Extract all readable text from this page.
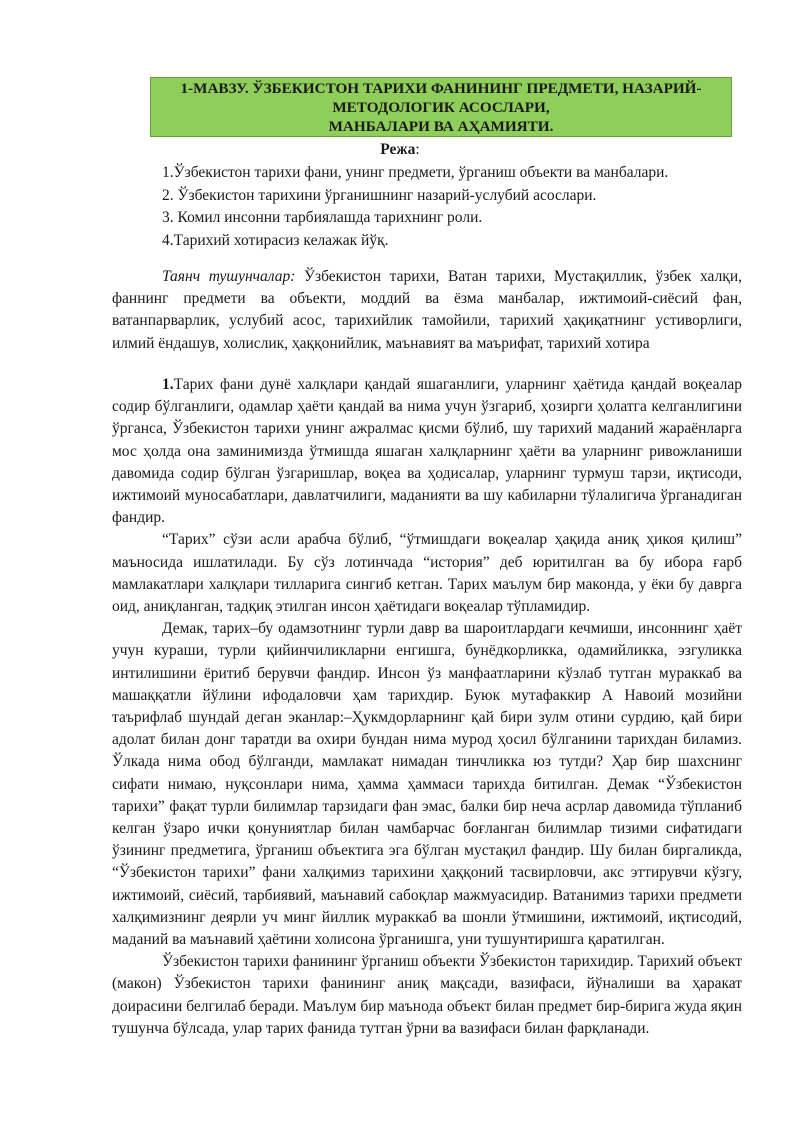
1-МАВЗУ. ЎЗБЕКИСТОН ТАРИХИ ФАНИНИНГ ПРЕДМЕТИ, НАЗАРИЙ-
МЕТОДОЛОГИК АСОСЛАРИ,
МАНБАЛАРИ ВА АҲАМИЯТИ.
Режа:
1.Ўзбекистон тарихи фани, унинг предмети, ўрганиш объекти ва манбалари.
2. Ўзбекистон тарихини ўрганишнинг назарий-услубий асослари.
3. Комил инсонни тарбиялашда тарихнинг роли.
4.Тарихий хотирасиз келажак йўқ.

Таянч тушунчалар: Ўзбекистон тарихи, Ватан тарихи, Мустақиллик, ўзбек халқи, фаннинг предмети ва объекти, моддий ва ёзма манбалар, ижтимоий-сиёсий фан, ватанпарварлик, услубий асос, тарихийлик тамойили, тарихий ҳақиқатнинг устиворлиги, илмий ёндашув, холислик, ҳаққонийлик, маънавият ва маърифат, тарихий хотира

1.Тарих фани дунё халқлари қандай яшаганлиги, уларнинг ҳаётида қандай воқеалар содир бўлганлиги, одамлар ҳаёти қандай ва нима учун ўзгариб, ҳозирги ҳолатга келганлигини ўрганса, Ўзбекистон тарихи унинг ажралмас қисми бўлиб, шу тарихий маданий жараёнларга мос ҳолда она заминимизда ўтмишда яшаган халқларнинг ҳаёти ва уларнинг ривожланиши давомида содир бўлган ўзгаришлар, воқеа ва ҳодисалар, уларнинг турмуш тарзи, иқтисоди, ижтимоий муносабатлари, давлатчилиги, маданияти ва шу кабиларни тўлалигича ўрганадиган фандир.

“Тарих” сўзи асли арабча бўлиб, “ўтмишдаги воқеалар ҳақида аниқ ҳикоя қилиш” маъносида ишлатилади. Бу сўз лотинчада “история” деб юритилган ва бу ибора ғарб мамлакатлари халқлари тилларига сингиб кетган. Тарих маълум бир маконда, у ёки бу даврга оид, аниқланган, тадқиқ этилган инсон ҳаётидаги воқеалар тўпламидир.

Демак, тарих–бу одамзотнинг турли давр ва шароитлардаги кечмиши, инсоннинг ҳаёт учун кураши, турли қийинчиликларни енгишга, бунёдкорликка, одамийликка, эзгуликка интилишини ёритиб берувчи фандир. Инсон ўз манфаатларини кўзлаб тутган мураккаб ва машаққатли йўлини ифодаловчи ҳам тарихдир. Буюк мутафаккир А Навоий мозийни таърифлаб шундай деган эканлар:–Ҳукмдорларнинг қай бири зулм отини сурдию, қай бири адолат билан донг таратди ва охири бундан нима мурод ҳосил бўлганини тарихдан биламиз. Ўлкада нима обод бўлганди, мамлакат нимадан тинчликка юз тутди? Ҳар бир шахснинг сифати нимаю, нуқсонлари нима, ҳамма ҳаммаси тарихда битилган. Демак “Ўзбекистон тарихи” фақат турли билимлар тарзидаги фан эмас, балки бир неча асрлар давомида тўпланиб келган ўзаро ички қонуниятлар билан чамбарчас боғланган билимлар тизими сифатидаги ўзининг предметига, ўрганиш объектига эга бўлган мустақил фандир. Шу билан биргаликда, “Ўзбекистон тарихи” фани халқимиз тарихини ҳаққоний тасвирловчи, акс эттирувчи кўзгу, ижтимоий, сиёсий, тарбиявий, маънавий сабоқлар мажмуасидир. Ватанимиз тарихи предмети халқимизнинг деярли уч минг йиллик мураккаб ва шонли ўтмишини, ижтимоий, иқтисодий, маданий ва маънавий ҳаётини холисона ўрганишга, уни тушунтиришга қаратилган.

Ўзбекистон тарихи фанининг ўрганиш объекти Ўзбекистон тарихидир. Тарихий объект (макон) Ўзбекистон тарихи фанининг аниқ мақсади, вазифаси, йўналиши ва ҳаракат доирасини белгилаб беради. Маълум бир маънода объект билан предмет бир-бирига жуда яқин тушунча бўлсада, улар тарих фанида тутган ўрни ва вазифаси билан фарқланади.
